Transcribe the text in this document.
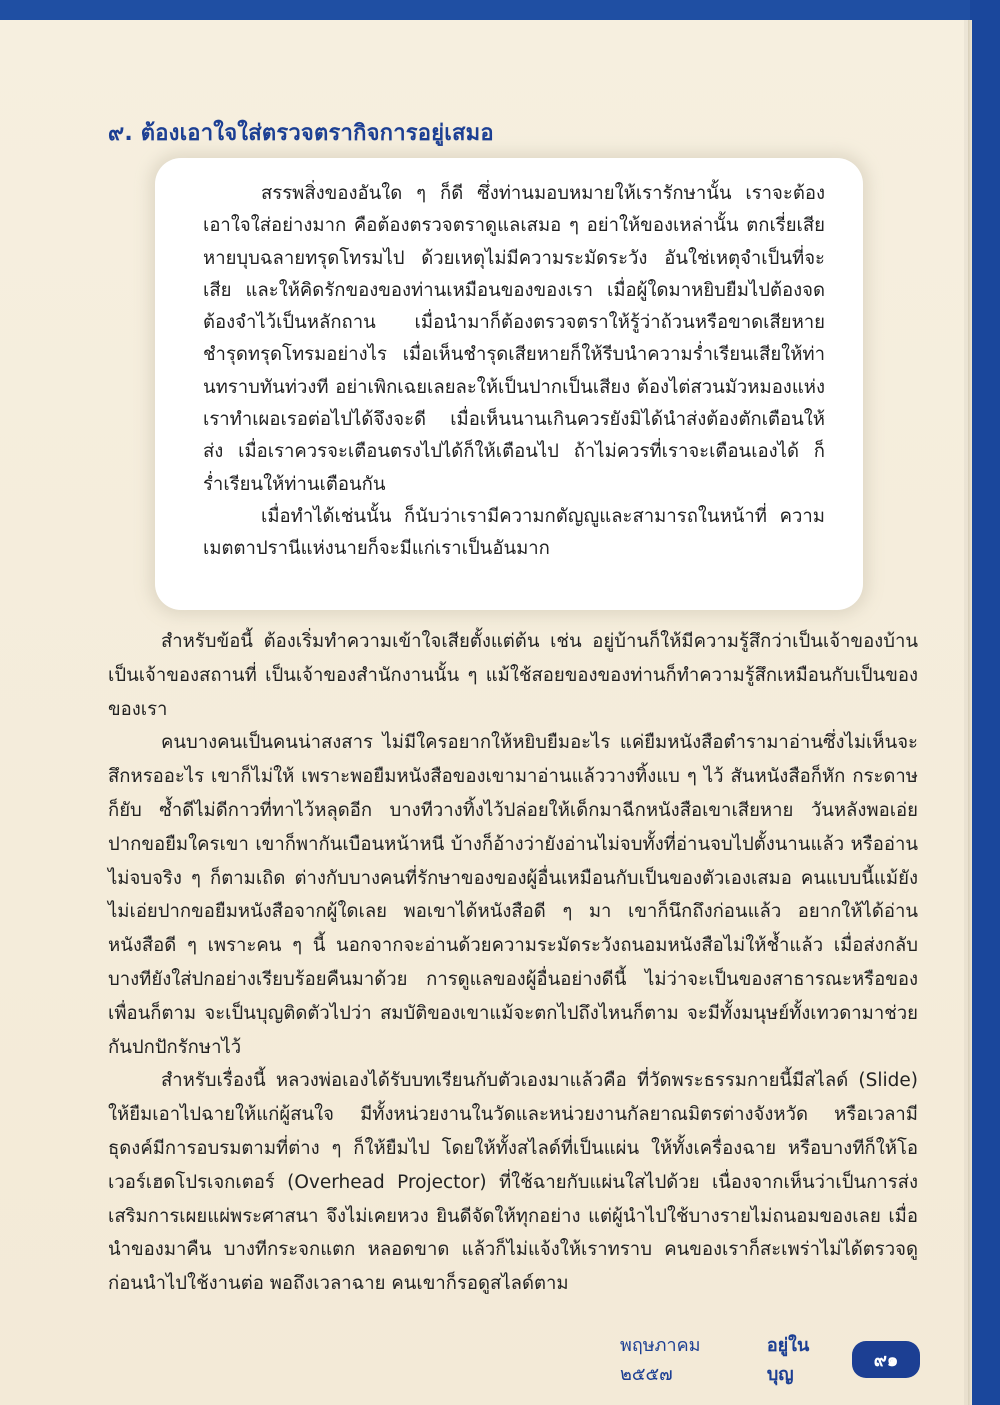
๙. ต้องเอาใจใส่ตรวจตรากิจการอยู่เสมอ

สรรพสิ่งของอันใด ๆ ก็ดี ซึ่งท่านมอบหมายให้เรารักษานั้น เราจะต้องเอาใจใส่อย่างมาก คือต้องตรวจตราดูแลเสมอ ๆ อย่าให้ของเหล่านั้น ตกเรี่ยเสียหายบุบฉลายทรุดโทรมไป ด้วยเหตุไม่มีความระมัดระวัง อันใช่เหตุจำเป็นที่จะเสีย และให้คิดรักของของท่านเหมือนของของเรา เมื่อผู้ใดมาหยิบยืมไปต้องจดต้องจำไว้เป็นหลักถาน เมื่อนำมาก็ต้องตรวจตราให้รู้ว่าถ้วนหรือขาดเสียหายชำรุดทรุดโทรมอย่างไร เมื่อเห็นชำรุดเสียหายก็ให้รีบนำความร่ำเรียนเสียให้ท่านทราบทันท่วงที อย่าเพิกเฉยเลยละให้เป็นปากเป็นเสียง ต้องไต่สวนมัวหมองแห่งเราทำเผอเรอต่อไปได้จึงจะดี เมื่อเห็นนานเกินควรยังมิได้นำส่งต้องตักเตือนให้ส่ง เมื่อเราควรจะเตือนตรงไปได้ก็ให้เตือนไป ถ้าไม่ควรที่เราจะเตือนเองได้ ก็ร่ำเรียนให้ท่านเตือนกัน

เมื่อทำได้เช่นนั้น ก็นับว่าเรามีความกตัญญูและสามารถในหน้าที่ ความเมตตาปรานีแห่งนายก็จะมีแก่เราเป็นอันมาก

สำหรับข้อนี้ ต้องเริ่มทำความเข้าใจเสียตั้งแต่ต้น เช่น อยู่บ้านก็ให้มีความรู้สึกว่าเป็นเจ้าของบ้าน เป็นเจ้าของสถานที่ เป็นเจ้าของสำนักงานนั้น ๆ แม้ใช้สอยของของท่านก็ทำความรู้สึกเหมือนกับเป็นของของเรา

คนบางคนเป็นคนน่าสงสาร ไม่มีใครอยากให้หยิบยืมอะไร แค่ยืมหนังสือตำรามาอ่านซึ่งไม่เห็นจะสึกหรออะไร เขาก็ไม่ให้ เพราะพอยืมหนังสือของเขามาอ่านแล้ววางทิ้งแบ ๆ ไว้ สันหนังสือก็หัก กระดาษก็ยับ ซ้ำดีไม่ดีกาวที่ทาไว้หลุดอีก บางทีวางทิ้งไว้ปล่อยให้เด็กมาฉีกหนังสือเขาเสียหาย วันหลังพอเอ่ยปากขอยืมใครเขา เขาก็พากันเบือนหน้าหนี บ้างก็อ้างว่ายังอ่านไม่จบทั้งที่อ่านจบไปตั้งนานแล้ว หรืออ่านไม่จบจริง ๆ ก็ตามเถิด ต่างกับบางคนที่รักษาของของผู้อื่นเหมือนกับเป็นของตัวเองเสมอ คนแบบนี้แม้ยังไม่เอ่ยปากขอยืมหนังสือจากผู้ใดเลย พอเขาได้หนังสือดี ๆ มา เขาก็นึกถึงก่อนแล้ว อยากให้ได้อ่านหนังสือดี ๆ เพราะคน ๆ นี้ นอกจากจะอ่านด้วยความระมัดระวังถนอมหนังสือไม่ให้ช้ำแล้ว เมื่อส่งกลับบางทียังใส่ปกอย่างเรียบร้อยคืนมาด้วย การดูแลของผู้อื่นอย่างดีนี้ ไม่ว่าจะเป็นของสาธารณะหรือของเพื่อนก็ตาม จะเป็นบุญติดตัวไปว่า สมบัติของเขาแม้จะตกไปถึงไหนก็ตาม จะมีทั้งมนุษย์ทั้งเทวดามาช่วยกันปกปักรักษาไว้

สำหรับเรื่องนี้ หลวงพ่อเองได้รับบทเรียนกับตัวเองมาแล้วคือ ที่วัดพระธรรมกายนี้มีสไลด์ (Slide) ให้ยืมเอาไปฉายให้แก่ผู้สนใจ มีทั้งหน่วยงานในวัดและหน่วยงานกัลยาณมิตรต่างจังหวัด หรือเวลามีธุดงค์มีการอบรมตามที่ต่าง ๆ ก็ให้ยืมไป โดยให้ทั้งสไลด์ที่เป็นแผ่น ให้ทั้งเครื่องฉาย หรือบางทีก็ให้โอเวอร์เฮดโปรเจกเตอร์ (Overhead Projector) ที่ใช้ฉายกับแผ่นใสไปด้วย เนื่องจากเห็นว่าเป็นการส่งเสริมการเผยแผ่พระศาสนา จึงไม่เคยหวง ยินดีจัดให้ทุกอย่าง แต่ผู้นำไปใช้บางรายไม่ถนอมของเลย เมื่อนำของมาคืน บางทีกระจกแตก หลอดขาด แล้วก็ไม่แจ้งให้เราทราบ คนของเราก็สะเพร่าไม่ได้ตรวจดูก่อนนำไปใช้งานต่อ พอถึงเวลาฉาย คนเขาก็รอดูสไลด์ตาม

พฤษภาคม ๒๕๕๗
อยู่ในบุญ
๙๑
